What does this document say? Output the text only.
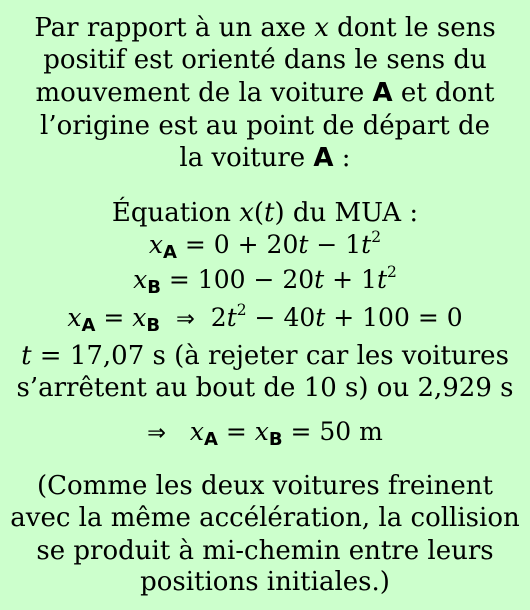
Par rapport à un axe x dont le sens
positif est orienté dans le sens du
mouvement de la voiture A et dont
l’origine est au point de départ de
la voiture A :
Équation x(t) du MUA :
$x_A = 0 + 20t - 1t^2$
$x_B = 100 - 20t + 1t^2$
$x_A = x_B$ ⇒  $2t^2 - 40t + 100 = 0$
t = 17,07 s (à rejeter car les voitures
s’arrêtent au bout de 10 s) ou 2,929 s
⇒ $x_A = x_B = 50$ m
(Comme les deux voitures freinent
avec la même accélération, la collision
se produit à mi-chemin entre leurs
positions initiales.)
